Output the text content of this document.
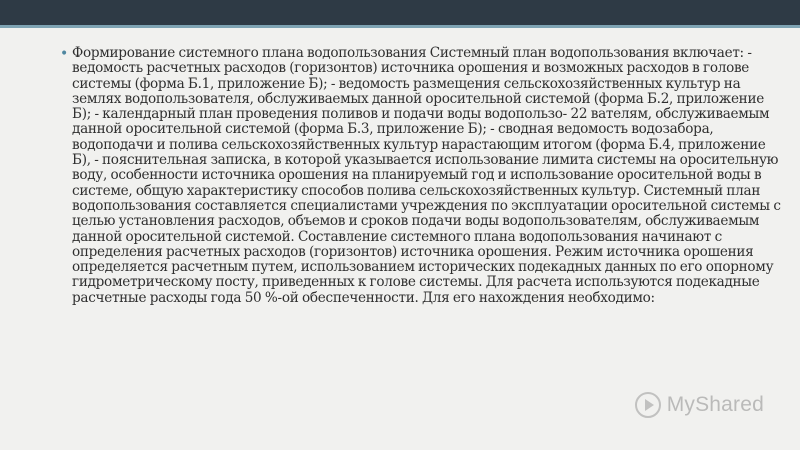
• Формирование системного плана водопользования Системный план водопользования включает: - ведомость расчетных расходов (горизонтов) источника орошения и возможных расходов в голове системы (форма Б.1, приложение Б); - ведомость размещения сельскохозяйственных культур на землях водопользователя, обслуживаемых данной оросительной системой (форма Б.2, приложение Б); - календарный план проведения поливов и подачи воды водопользо- 22 вателям, обслуживаемым данной оросительной системой (форма Б.3, приложение Б); - сводная ведомость водозабора, водоподачи и полива сельскохозяйственных культур нарастающим итогом (форма Б.4, приложение Б), - пояснительная записка, в которой указывается использование лимита системы на оросительную воду, особенности источника орошения на планируемый год и использование оросительной воды в системе, общую характеристику способов полива сельскохозяйственных культур. Системный план водопользования составляется специалистами учреждения по эксплуатации оросительной системы с целью установления расходов, объемов и сроков подачи воды водопользователям, обслуживаемым данной оросительной системой. Составление системного плана водопользования начинают с определения расчетных расходов (горизонтов) источника орошения. Режим источника орошения определяется расчетным путем, использованием исторических подекадных данных по его опорному гидрометрическому посту, приведенных к голове системы. Для расчета используются подекадные расчетные расходы года 50 %-ой обеспеченности. Для его нахождения необходимо:

MyShared
